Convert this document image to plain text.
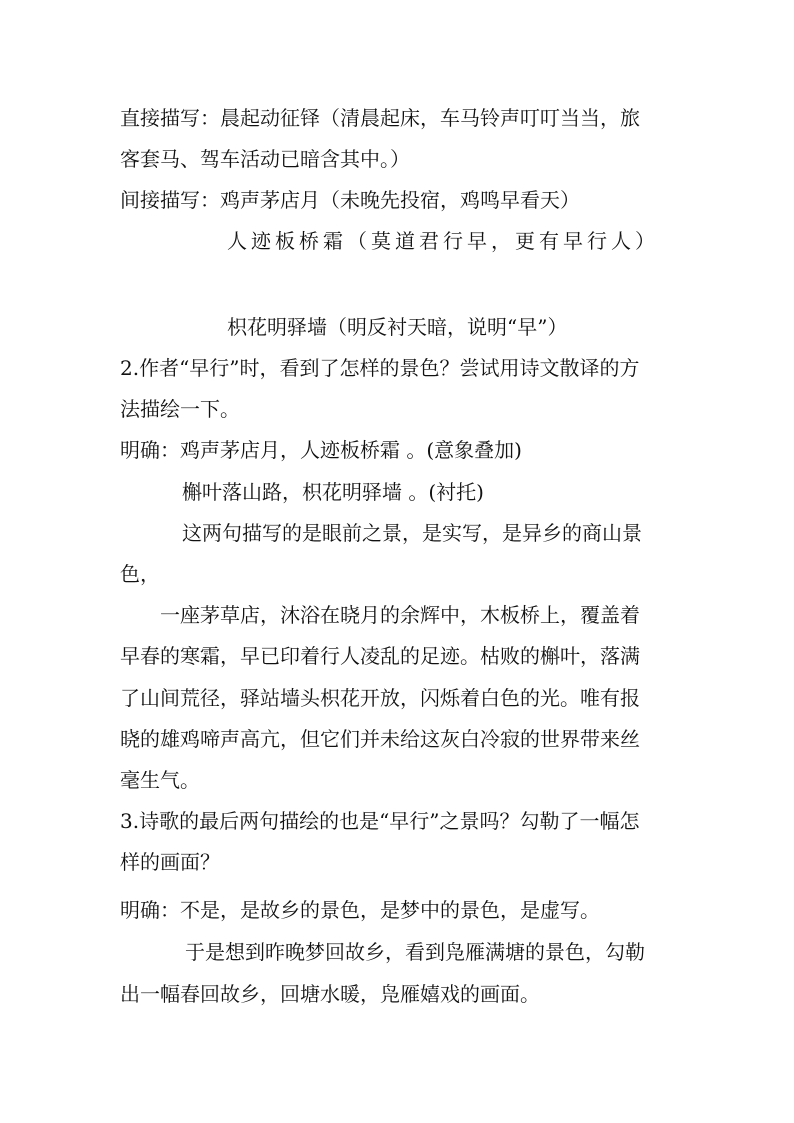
直接描写：晨起动征铎（清晨起床，车马铃声叮叮当当，旅
客套马、驾车活动已暗含其中。）
间接描写：鸡声茅店月（未晚先投宿，鸡鸣早看天）
人迹板桥霜（莫道君行早，更有早行人）
枳花明驿墙（明反衬天暗，说明“早”）
2.作者“早行”时，看到了怎样的景色？尝试用诗文散译的方
法描绘一下。
明确：鸡声茅店月，人迹板桥霜 。(意象叠加)
槲叶落山路，枳花明驿墙 。(衬托)
这两句描写的是眼前之景，是实写，是异乡的商山景
色，
一座茅草店，沐浴在晓月的余辉中，木板桥上，覆盖着
早春的寒霜，早已印着行人凌乱的足迹。枯败的槲叶，落满
了山间荒径，驿站墙头枳花开放，闪烁着白色的光。唯有报
晓的雄鸡啼声高亢，但它们并未给这灰白冷寂的世界带来丝
毫生气。
3.诗歌的最后两句描绘的也是“早行”之景吗？勾勒了一幅怎
样的画面？
明确：不是，是故乡的景色，是梦中的景色，是虚写。
于是想到昨晚梦回故乡，看到凫雁满塘的景色，勾勒
出一幅春回故乡，回塘水暖，凫雁嬉戏的画面。
